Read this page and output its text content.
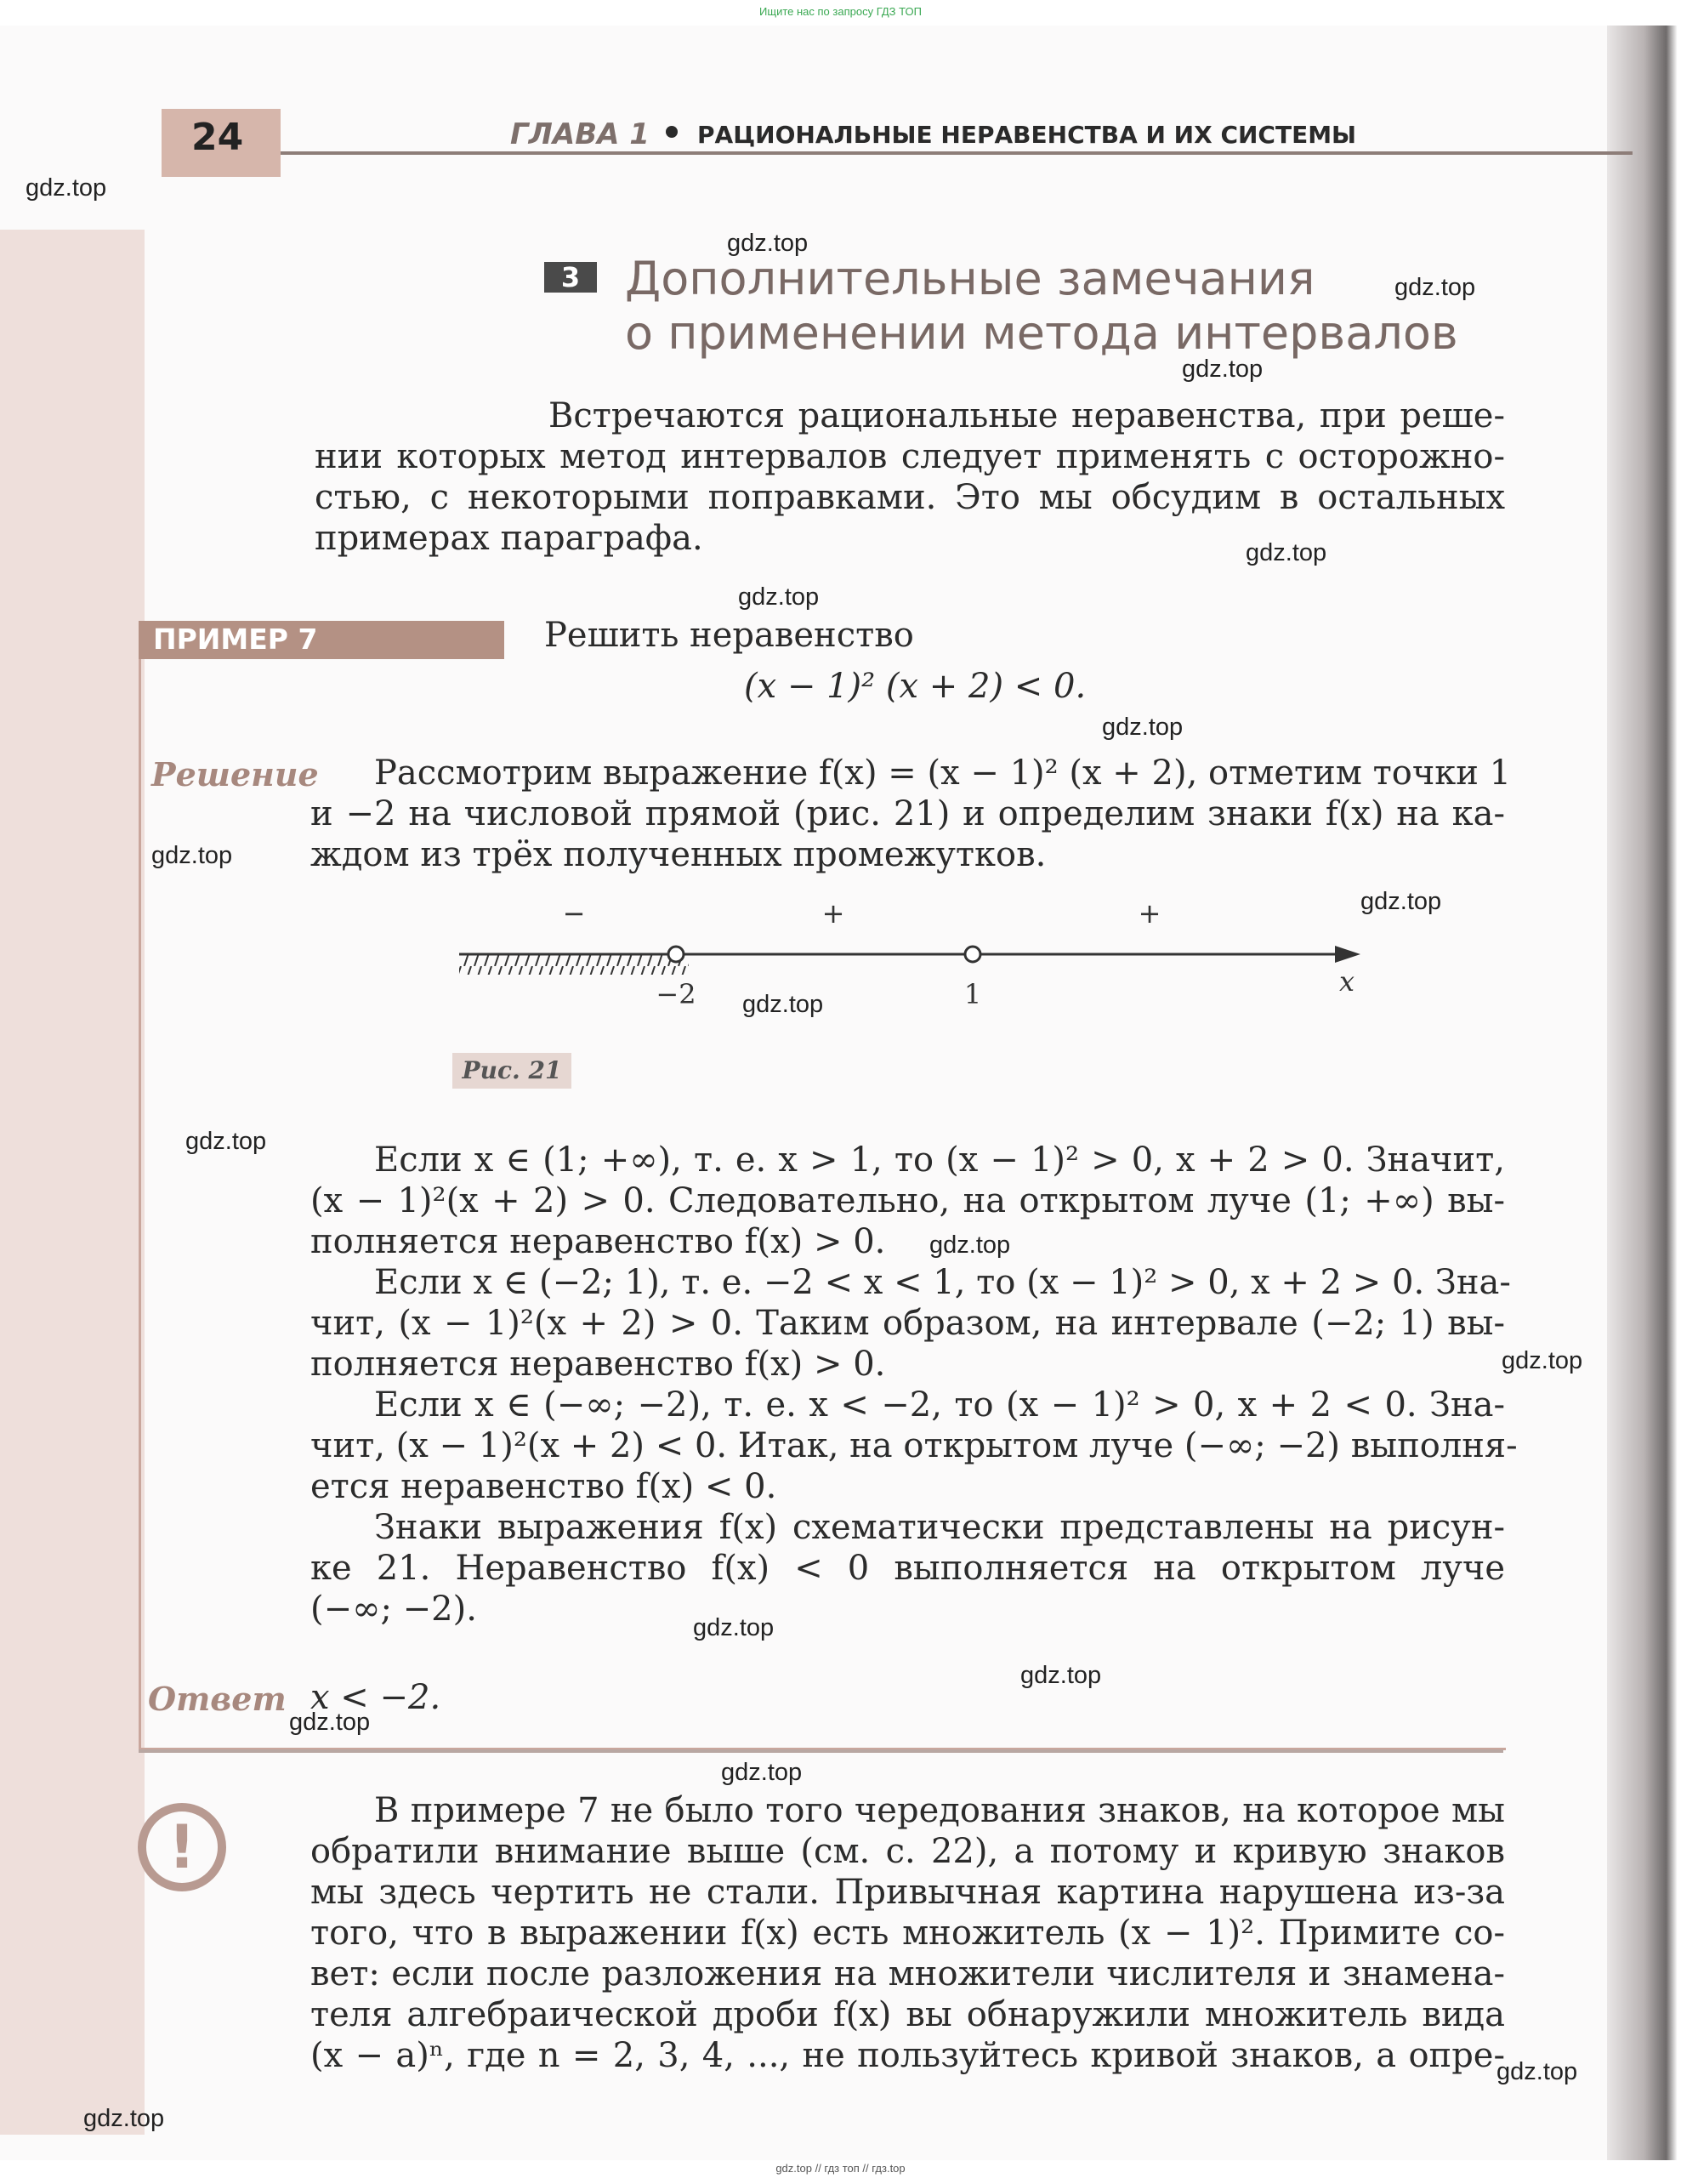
Ищите нас по запросу ГДЗ ТОП
24	ГЛАВА 1 РАЦИОНАЛЬНЫЕ НЕРАВЕНСТВА И ИХ СИСТЕМЫ
3 Дополнительные замечания
о применении метода интервалов
Встречаются рациональные неравенства, при реше-
нии которых метод интервалов следует применять с осторожно-
стью, с некоторыми поправками. Это мы обсудим в остальных
примерах параграфа.
ПРИМЕР 7	Решить неравенство
(x − 1)² (x + 2) < 0.
Решение	Рассмотрим выражение f(x) = (x − 1)² (x + 2), отметим точки 1
и −2 на числовой прямой (рис. 21) и определим знаки f(x) на ка-
ждом из трёх полученных промежутков.
−	+	+
−2	1	x
Рис. 21
Если x ∈ (1; +∞), т. е. x > 1, то (x − 1)² > 0, x + 2 > 0. Значит,
(x − 1)²(x + 2) > 0. Следовательно, на открытом луче (1; +∞) вы-
полняется неравенство f(x) > 0.
Если x ∈ (−2; 1), т. е. −2 < x < 1, то (x − 1)² > 0, x + 2 > 0. Зна-
чит, (x − 1)²(x + 2) > 0. Таким образом, на интервале (−2; 1) вы-
полняется неравенство f(x) > 0.
Если x ∈ (−∞; −2), т. е. x < −2, то (x − 1)² > 0, x + 2 < 0. Зна-
чит, (x − 1)²(x + 2) < 0. Итак, на открытом луче (−∞; −2) выполня-
ется неравенство f(x) < 0.
Знаки выражения f(x) схематически представлены на рисун-
ке 21. Неравенство f(x) < 0 выполняется на открытом луче
(−∞; −2).
Ответ x < −2.
!
В примере 7 не было того чередования знаков, на которое мы
обратили внимание выше (см. с. 22), а потому и кривую знаков
мы здесь чертить не стали. Привычная картина нарушена из-за
того, что в выражении f(x) есть множитель (x − 1)². Примите со-
вет: если после разложения на множители числителя и знамена-
теля алгебраической дроби f(x) вы обнаружили множитель вида
(x − a)ⁿ, где n = 2, 3, 4, ..., не пользуйтесь кривой знаков, а опре-
gdz.top
gdz.top
gdz.top
gdz.top
gdz.top
gdz.top
gdz.top
gdz.top
gdz.top
gdz.top
gdz.top
gdz.top
gdz.top
gdz.top
gdz.top
gdz.top
gdz.top
gdz.top
gdz.top
gdz.top // гдз топ // гдз.top
